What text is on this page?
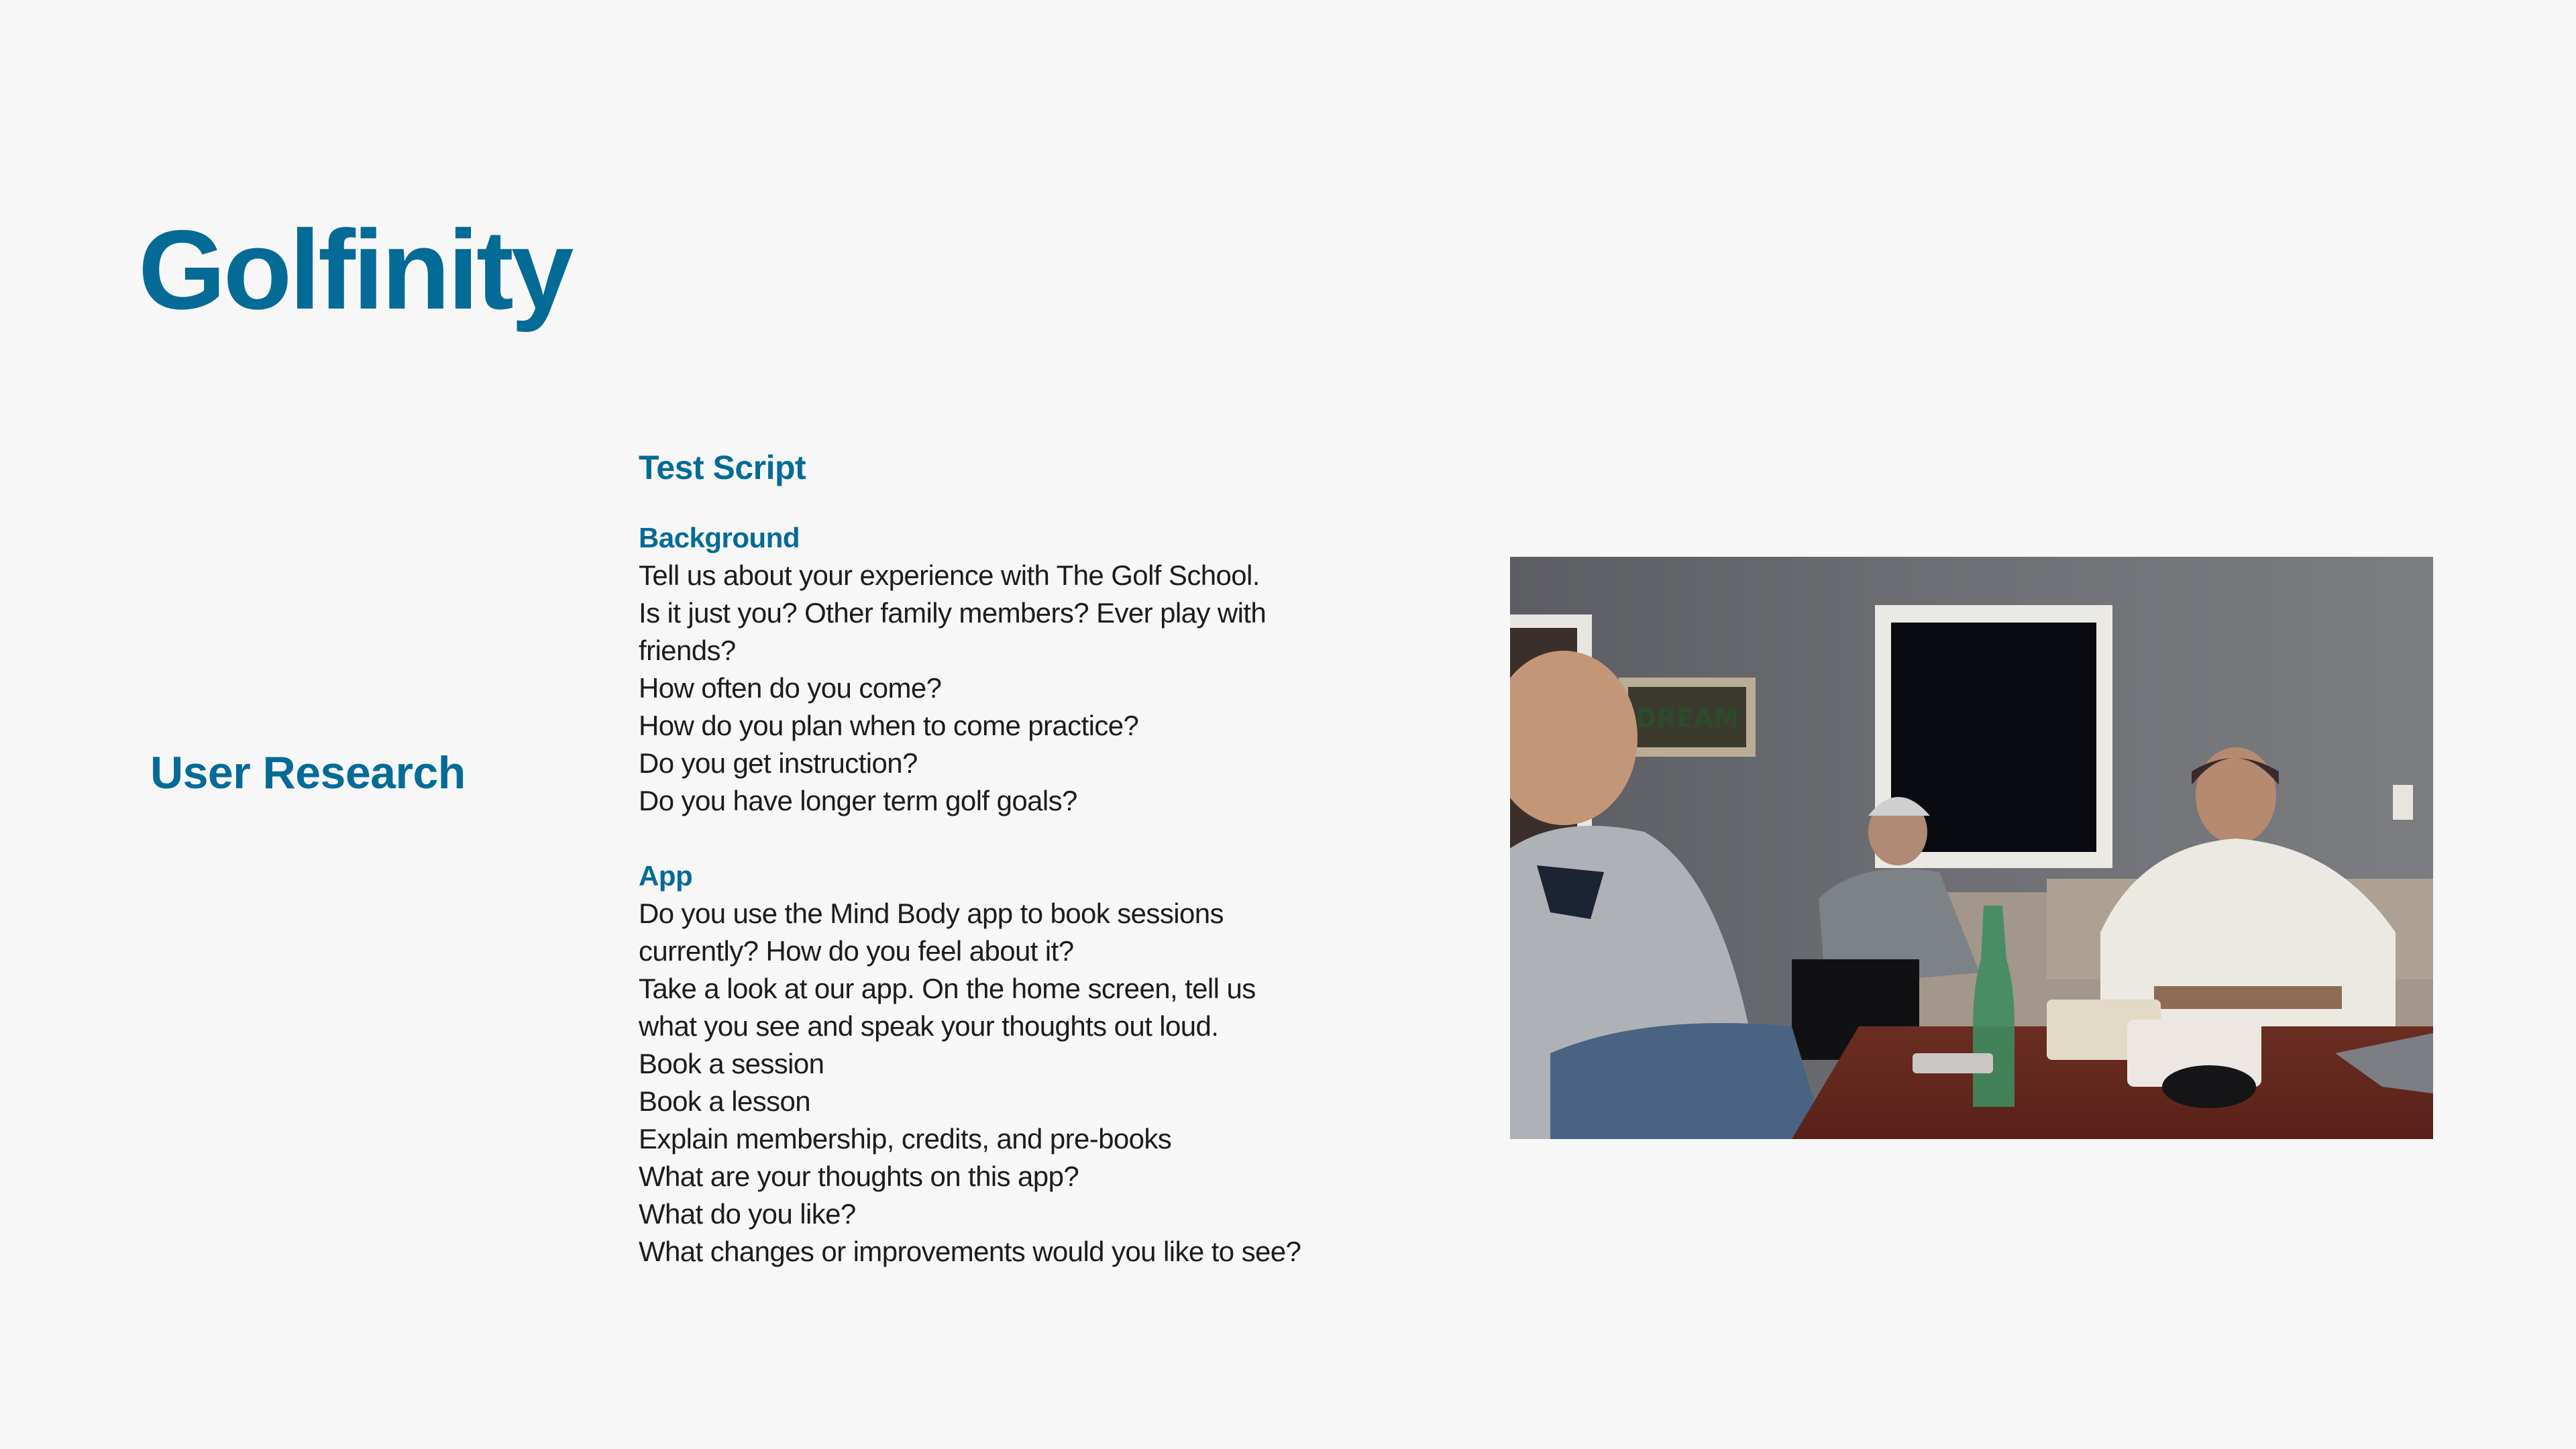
Golfinity
User Research
Test Script
Background
Tell us about your experience with The Golf School.
Is it just you? Other family members? Ever play with
friends?
How often do you come?
How do you plan when to come practice?
Do you get instruction?
Do you have longer term golf goals?
App
Do you use the Mind Body app to book sessions
currently? How do you feel about it?
Take a look at our app. On the home screen, tell us
what you see and speak your thoughts out loud.
Book a session
Book a lesson
Explain membership, credits, and pre-books
What are your thoughts on this app?
What do you like?
What changes or improvements would you like to see?
DREAM
